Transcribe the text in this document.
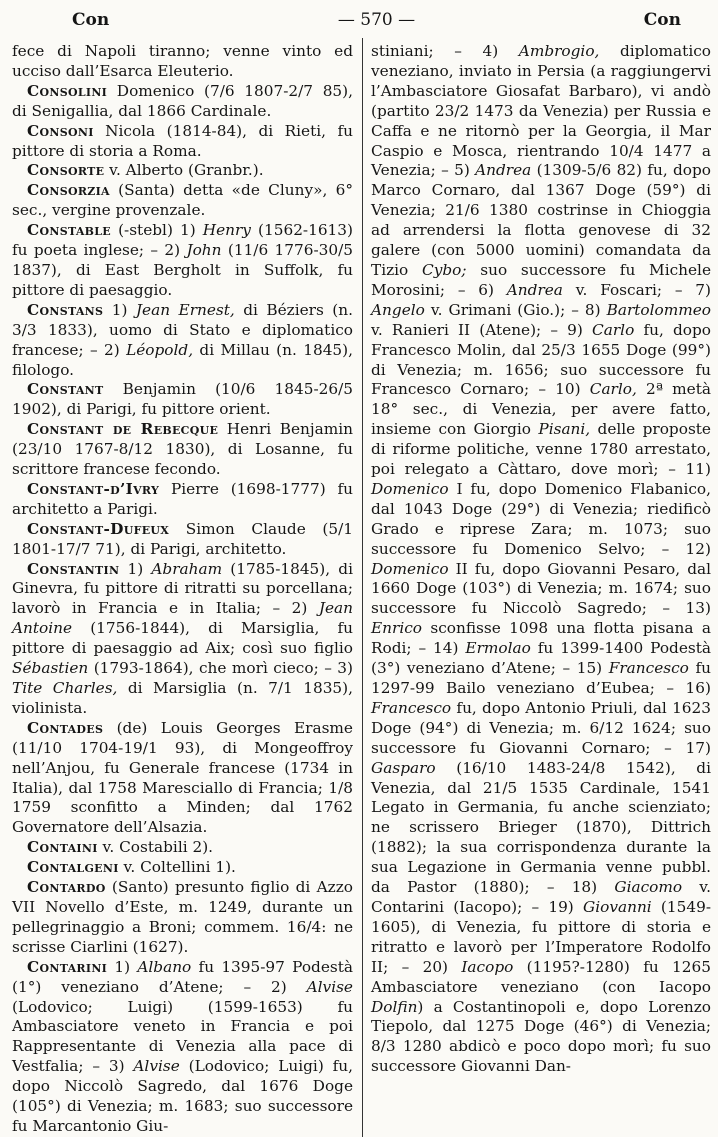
Con	— 570 —	Con

fece di Napoli tiranno; venne vinto ed ucciso dall’Esarca Eleuterio.

Consolini Domenico (7/6 1807-2/7 85), di Senigallia, dal 1866 Cardinale.

Consoni Nicola (1814-84), di Rieti, fu pittore di storia a Roma.

Consorte v. Alberto (Granbr.).

Consorzia (Santa) detta «de Cluny», 6° sec., vergine provenzale.

Constable (-stebl) 1) Henry (1562-1613) fu poeta inglese; – 2) John (11/6 1776-30/5 1837), di East Bergholt in Suffolk, fu pittore di paesaggio.

Constans 1) Jean Ernest, di Béziers (n. 3/3 1833), uomo di Stato e diplomatico francese; – 2) Léopold, di Millau (n. 1845), filologo.

Constant Benjamin (10/6 1845-26/5 1902), di Parigi, fu pittore orient.

Constant de Rebecque Henri Benjamin (23/10 1767-8/12 1830), di Losanne, fu scrittore francese fecondo.

Constant-d’Ivry Pierre (1698-1777) fu architetto a Parigi.

Constant-Dufeux Simon Claude (5/1 1801-17/7 71), di Parigi, architetto.

Constantin 1) Abraham (1785-1845), di Ginevra, fu pittore di ritratti su porcellana; lavorò in Francia e in Italia; – 2) Jean Antoine (1756-1844), di Marsiglia, fu pittore di paesaggio ad Aix; così suo figlio Sébastien (1793-1864), che morì cieco; – 3) Tite Charles, di Marsiglia (n. 7/1 1835), violinista.

Contades (de) Louis Georges Erasme (11/10 1704-19/1 93), di Mongeoffroy nell’Anjou, fu Generale francese (1734 in Italia), dal 1758 Maresciallo di Francia; 1/8 1759 sconfitto a Minden; dal 1762 Governatore dell’Alsazia.

Containi v. Costabili 2).

Contalgeni v. Coltellini 1).

Contardo (Santo) presunto figlio di Azzo VII Novello d’Este, m. 1249, durante un pellegrinaggio a Broni; commem. 16/4: ne scrisse Ciarlini (1627).

Contarini 1) Albano fu 1395-97 Podestà (1°) veneziano d’Atene; – 2) Alvise (Lodovico; Luigi) (1599-1653) fu Ambasciatore veneto in Francia e poi Rappresentante di Venezia alla pace di Vestfalia; – 3) Alvise (Lodovico; Luigi) fu, dopo Niccolò Sagredo, dal 1676 Doge (105°) di Venezia; m. 1683; suo successore fu Marcantonio Giu-

stiniani; – 4) Ambrogio, diplomatico veneziano, inviato in Persia (a raggiungervi l’Ambasciatore Giosafat Barbaro), vi andò (partito 23/2 1473 da Venezia) per Russia e Caffa e ne ritornò per la Georgia, il Mar Caspio e Mosca, rientrando 10/4 1477 a Venezia; – 5) Andrea (1309-5/6 82) fu, dopo Marco Cornaro, dal 1367 Doge (59°) di Venezia; 21/6 1380 costrinse in Chioggia ad arrendersi la flotta genovese di 32 galere (con 5000 uomini) comandata da Tizio Cybo; suo successore fu Michele Morosini; – 6) Andrea v. Foscari; – 7) Angelo v. Grimani (Gio.); – 8) Bartolommeo v. Ranieri II (Atene); – 9) Carlo fu, dopo Francesco Molin, dal 25/3 1655 Doge (99°) di Venezia; m. 1656; suo successore fu Francesco Cornaro; – 10) Carlo, 2ª metà 18° sec., di Venezia, per avere fatto, insieme con Giorgio Pisani, delle proposte di riforme politiche, venne 1780 arrestato, poi relegato a Càttaro, dove morì; – 11) Domenico I fu, dopo Domenico Flabanico, dal 1043 Doge (29°) di Venezia; riedificò Grado e riprese Zara; m. 1073; suo successore fu Domenico Selvo; – 12) Domenico II fu, dopo Giovanni Pesaro, dal 1660 Doge (103°) di Venezia; m. 1674; suo successore fu Niccolò Sagredo; – 13) Enrico sconfisse 1098 una flotta pisana a Rodi; – 14) Ermolao fu 1399-1400 Podestà (3°) veneziano d’Atene; – 15) Francesco fu 1297-99 Bailo veneziano d’Eubea; – 16) Francesco fu, dopo Antonio Priuli, dal 1623 Doge (94°) di Venezia; m. 6/12 1624; suo successore fu Giovanni Cornaro; – 17) Gasparo (16/10 1483-24/8 1542), di Venezia, dal 21/5 1535 Cardinale, 1541 Legato in Germania, fu anche scienziato; ne scrissero Brieger (1870), Dittrich (1882); la sua corrispondenza durante la sua Legazione in Germania venne pubbl. da Pastor (1880); – 18) Giacomo v. Contarini (Iacopo); – 19) Giovanni (1549-1605), di Venezia, fu pittore di storia e ritratto e lavorò per l’Imperatore Rodolfo II; – 20) Iacopo (1195?-1280) fu 1265 Ambasciatore veneziano (con Iacopo Dolfin) a Costantinopoli e, dopo Lorenzo Tiepolo, dal 1275 Doge (46°) di Venezia; 8/3 1280 abdicò e poco dopo morì; fu suo successore Giovanni Dan-
